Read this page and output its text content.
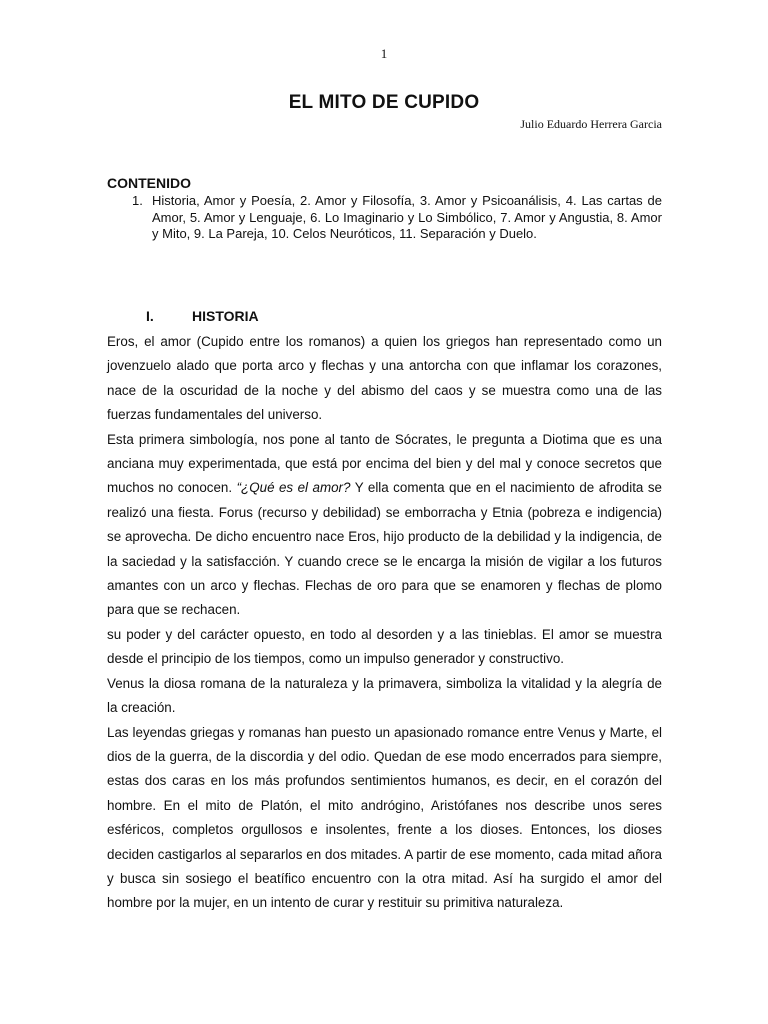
1
EL MITO DE CUPIDO
Julio Eduardo Herrera Garcia
CONTENIDO
1. Historia, Amor y Poesía, 2. Amor y Filosofía, 3. Amor y Psicoanálisis, 4. Las cartas de Amor, 5. Amor y Lenguaje, 6. Lo Imaginario y Lo Simbólico, 7. Amor y Angustia, 8. Amor y Mito, 9. La Pareja, 10. Celos Neuróticos, 11. Separación y Duelo.
I.	HISTORIA

Eros, el amor (Cupido entre los romanos) a quien los griegos han representado como un jovenzuelo alado que porta arco y flechas y una antorcha con que inflamar los corazones, nace de la oscuridad de la noche y del abismo del caos y se muestra como una de las fuerzas fundamentales del universo.

Esta primera simbología, nos pone al tanto de Sócrates, le pregunta a Diotima que es una anciana muy experimentada, que está por encima del bien y del mal y conoce secretos que muchos no conocen. “¿Qué es el amor? Y ella comenta que en el nacimiento de afrodita se realizó una fiesta. Forus (recurso y debilidad) se emborracha y Etnia (pobreza e indigencia) se aprovecha. De dicho encuentro nace Eros, hijo producto de la debilidad y la indigencia, de la saciedad y la satisfacción. Y cuando crece se le encarga la misión de vigilar a los futuros amantes con un arco y flechas. Flechas de oro para que se enamoren y flechas de plomo para que se rechacen.

su poder y del carácter opuesto, en todo al desorden y a las tinieblas. El amor se muestra desde el principio de los tiempos, como un impulso generador y constructivo.

Venus la diosa romana de la naturaleza y la primavera, simboliza la vitalidad y la alegría de la creación.

Las leyendas griegas y romanas han puesto un apasionado romance entre Venus y Marte, el dios de la guerra, de la discordia y del odio. Quedan de ese modo encerrados para siempre, estas dos caras en los más profundos sentimientos humanos, es decir, en el corazón del hombre. En el mito de Platón, el mito andrógino, Aristófanes nos describe unos seres esféricos, completos orgullosos e insolentes, frente a los dioses. Entonces, los dioses deciden castigarlos al separarlos en dos mitades. A partir de ese momento, cada mitad añora y busca sin sosiego el beatífico encuentro con la otra mitad. Así ha surgido el amor del hombre por la mujer, en un intento de curar y restituir su primitiva naturaleza.
